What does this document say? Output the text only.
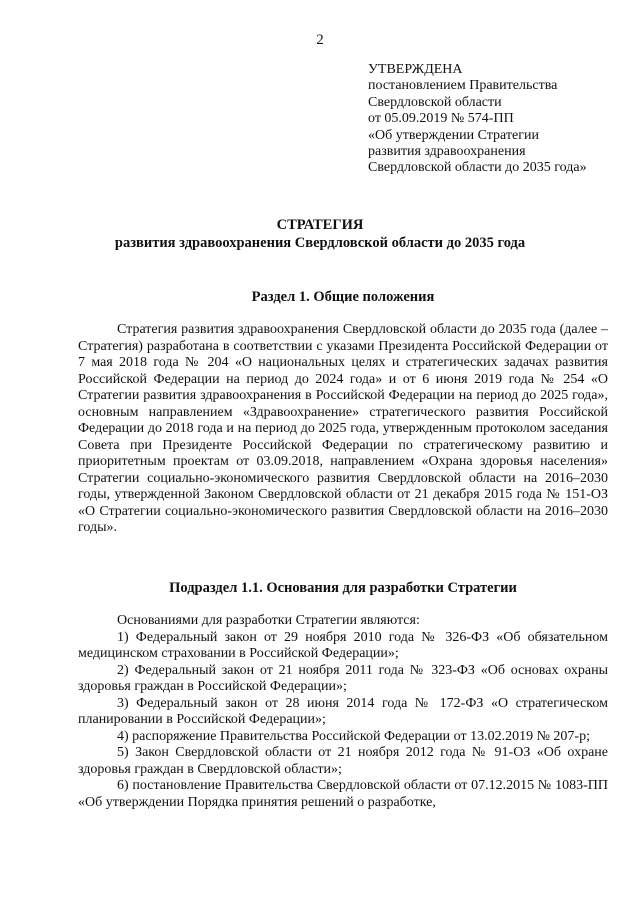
2
УТВЕРЖДЕНА
постановлением Правительства
Свердловской области
от 05.09.2019 № 574-ПП
«Об утверждении Стратегии
развития здравоохранения
Свердловской области до 2035 года»
СТРАТЕГИЯ
развития здравоохранения Свердловской области до 2035 года

Раздел 1. Общие положения

Стратегия развития здравоохранения Свердловской области до 2035 года (далее – Стратегия) разработана в соответствии с указами Президента Российской Федерации от 7 мая 2018 года № 204 «О национальных целях и стратегических задачах развития Российской Федерации на период до 2024 года» и от 6 июня 2019 года № 254 «О Стратегии развития здравоохранения в Российской Федерации на период до 2025 года», основным направлением «Здравоохранение» стратегического развития Российской Федерации до 2018 года и на период до 2025 года, утвержденным протоколом заседания Совета при Президенте Российской Федерации по стратегическому развитию и приоритетным проектам от 03.09.2018, направлением «Охрана здоровья населения» Стратегии социально-экономического развития Свердловской области на 2016–2030 годы, утвержденной Законом Свердловской области от 21 декабря 2015 года № 151-ОЗ «О Стратегии социально-экономического развития Свердловской области на 2016–2030 годы».

Подраздел 1.1. Основания для разработки Стратегии

Основаниями для разработки Стратегии являются:

1) Федеральный закон от 29 ноября 2010 года № 326-ФЗ «Об обязательном медицинском страховании в Российской Федерации»;

2) Федеральный закон от 21 ноября 2011 года № 323-ФЗ «Об основах охраны здоровья граждан в Российской Федерации»;

3) Федеральный закон от 28 июня 2014 года № 172-ФЗ «О стратегическом планировании в Российской Федерации»;

4) распоряжение Правительства Российской Федерации от 13.02.2019 № 207-р;

5) Закон Свердловской области от 21 ноября 2012 года № 91-ОЗ «Об охране здоровья граждан в Свердловской области»;

6) постановление Правительства Свердловской области от 07.12.2015 № 1083-ПП «Об утверждении Порядка принятия решений о разработке,
